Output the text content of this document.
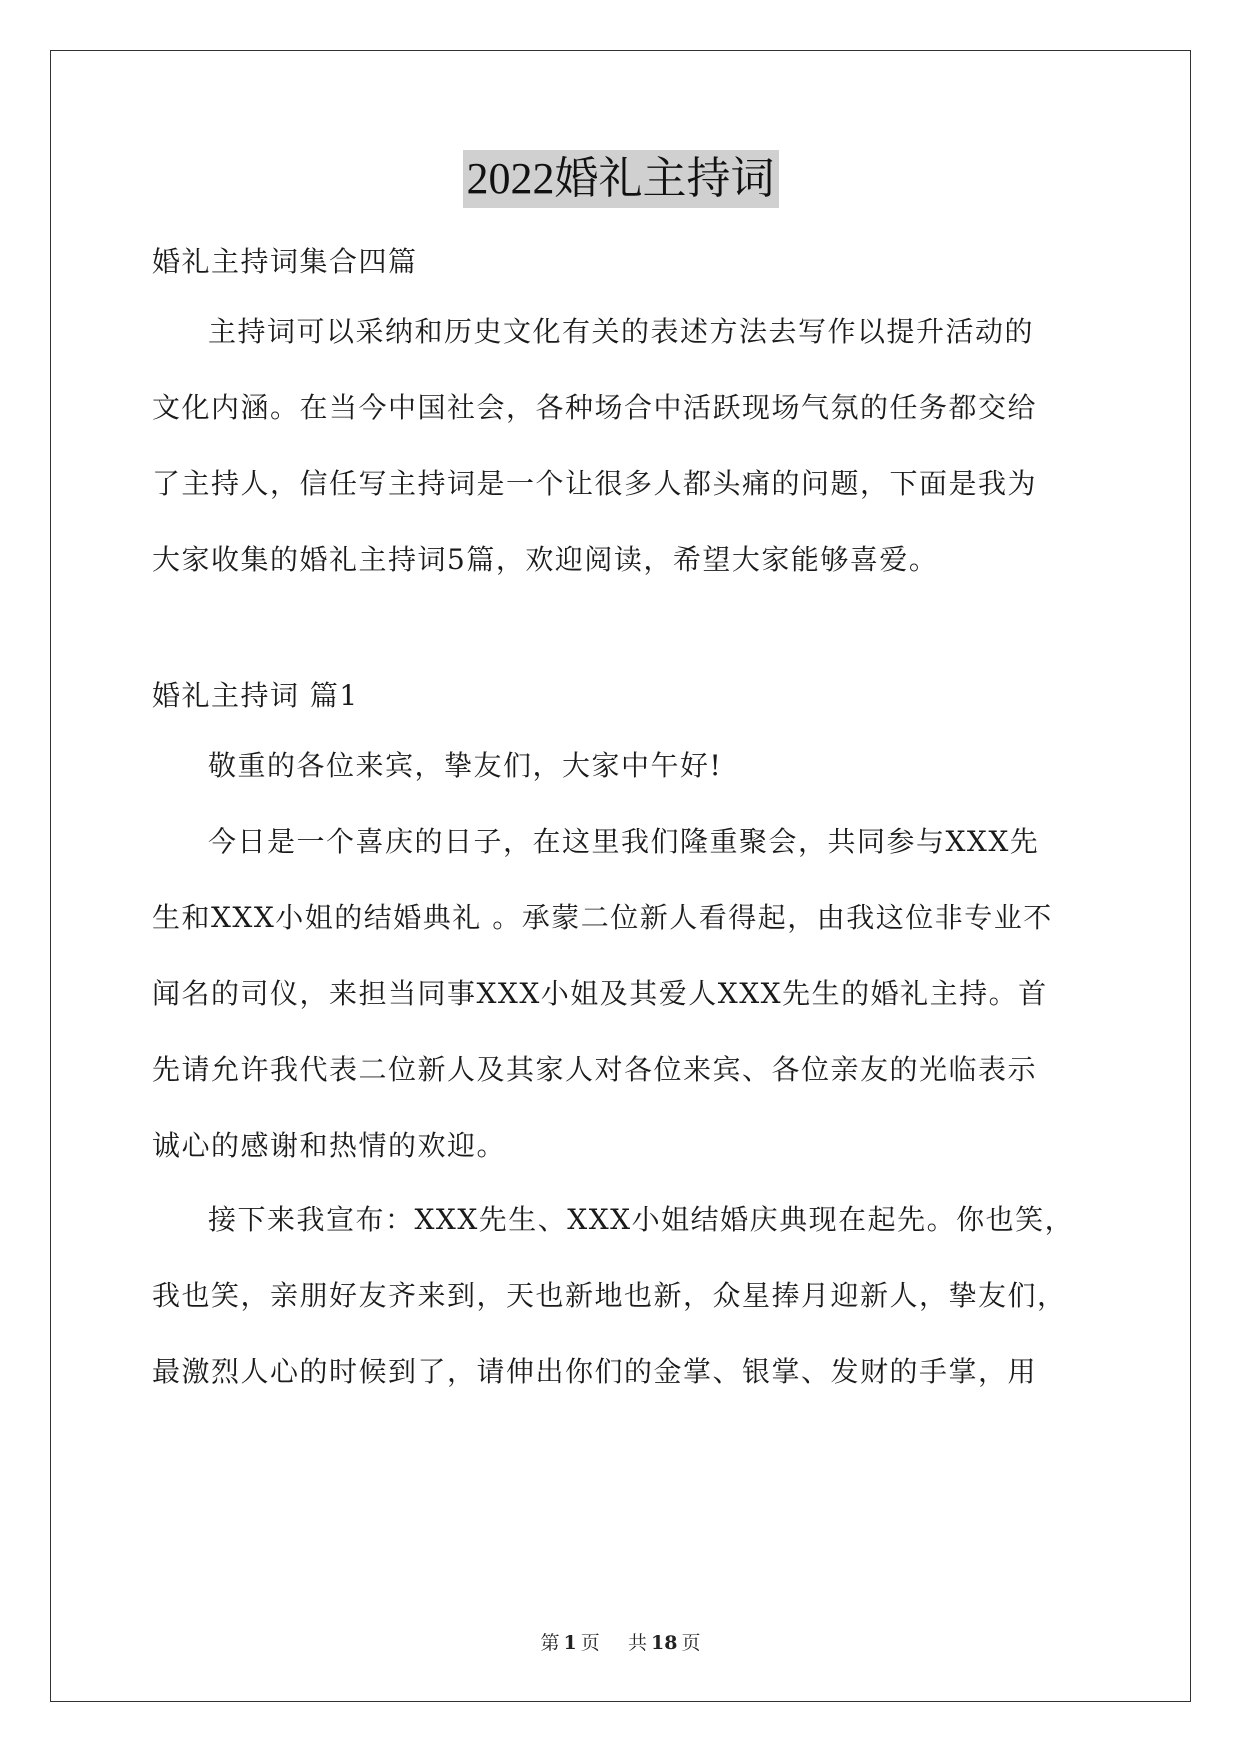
2022婚礼主持词
婚礼主持词集合四篇
主持词可以采纳和历史文化有关的表述方法去写作以提升活动的
文化内涵。在当今中国社会，各种场合中活跃现场气氛的任务都交给
了主持人，信任写主持词是一个让很多人都头痛的问题，下面是我为
大家收集的婚礼主持词5篇，欢迎阅读，希望大家能够喜爱。
婚礼主持词 篇1
敬重的各位来宾，挚友们，大家中午好!
今日是一个喜庆的日子，在这里我们隆重聚会，共同参与XXX先
生和XXX小姐的结婚典礼 。承蒙二位新人看得起，由我这位非专业不
闻名的司仪，来担当同事XXX小姐及其爱人XXX先生的婚礼主持。首
先请允许我代表二位新人及其家人对各位来宾、各位亲友的光临表示
诚心的感谢和热情的欢迎。
接下来我宣布：XXX先生、XXX小姐结婚庆典现在起先。你也笑，
我也笑，亲朋好友齐来到，天也新地也新，众星捧月迎新人，挚友们，
最激烈人心的时候到了，请伸出你们的金掌、银掌、发财的手掌，用
第 1 页 共 18 页
